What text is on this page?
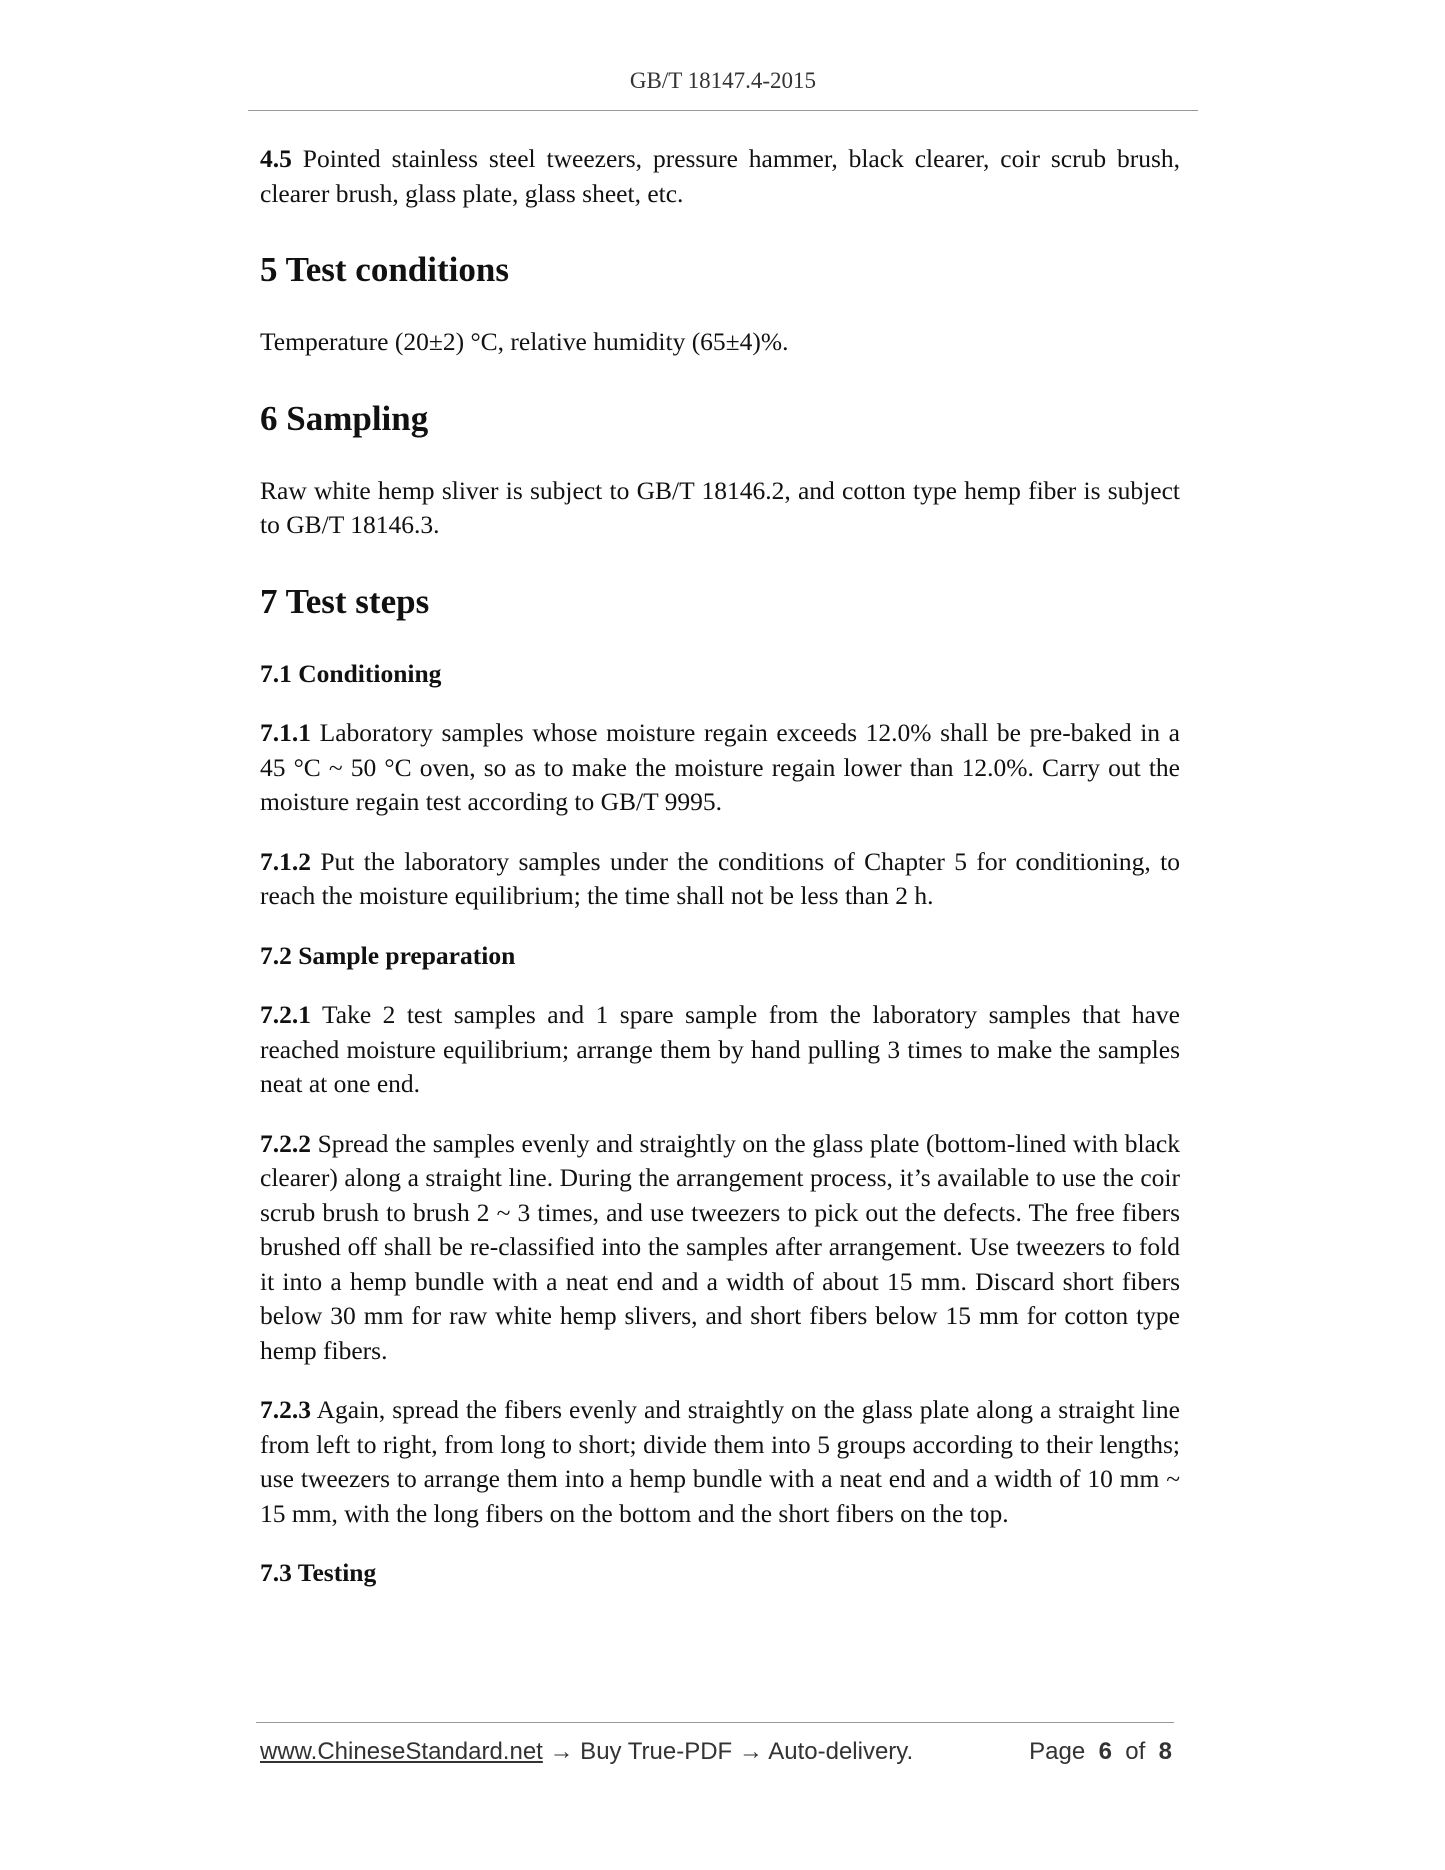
GB/T 18147.4-2015

4.5 Pointed stainless steel tweezers, pressure hammer, black clearer, coir scrub brush, clearer brush, glass plate, glass sheet, etc.

5 Test conditions

Temperature (20±2) °C, relative humidity (65±4)%.

6 Sampling

Raw white hemp sliver is subject to GB/T 18146.2, and cotton type hemp fiber is subject to GB/T 18146.3.

7 Test steps
7.1 Conditioning

7.1.1 Laboratory samples whose moisture regain exceeds 12.0% shall be pre-baked in a 45 °C ~ 50 °C oven, so as to make the moisture regain lower than 12.0%. Carry out the moisture regain test according to GB/T 9995.

7.1.2 Put the laboratory samples under the conditions of Chapter 5 for conditioning, to reach the moisture equilibrium; the time shall not be less than 2 h.

7.2 Sample preparation

7.2.1 Take 2 test samples and 1 spare sample from the laboratory samples that have reached moisture equilibrium; arrange them by hand pulling 3 times to make the samples neat at one end.

7.2.2 Spread the samples evenly and straightly on the glass plate (bottom-lined with black clearer) along a straight line. During the arrangement process, it’s available to use the coir scrub brush to brush 2 ~ 3 times, and use tweezers to pick out the defects. The free fibers brushed off shall be re-classified into the samples after arrangement. Use tweezers to fold it into a hemp bundle with a neat end and a width of about 15 mm. Discard short fibers below 30 mm for raw white hemp slivers, and short fibers below 15 mm for cotton type hemp fibers.

7.2.3 Again, spread the fibers evenly and straightly on the glass plate along a straight line from left to right, from long to short; divide them into 5 groups according to their lengths; use tweezers to arrange them into a hemp bundle with a neat end and a width of 10 mm ~ 15 mm, with the long fibers on the bottom and the short fibers on the top.

7.3 Testing
www.ChineseStandard.net → Buy True-PDF → Auto-delivery.	Page 6 of 8
